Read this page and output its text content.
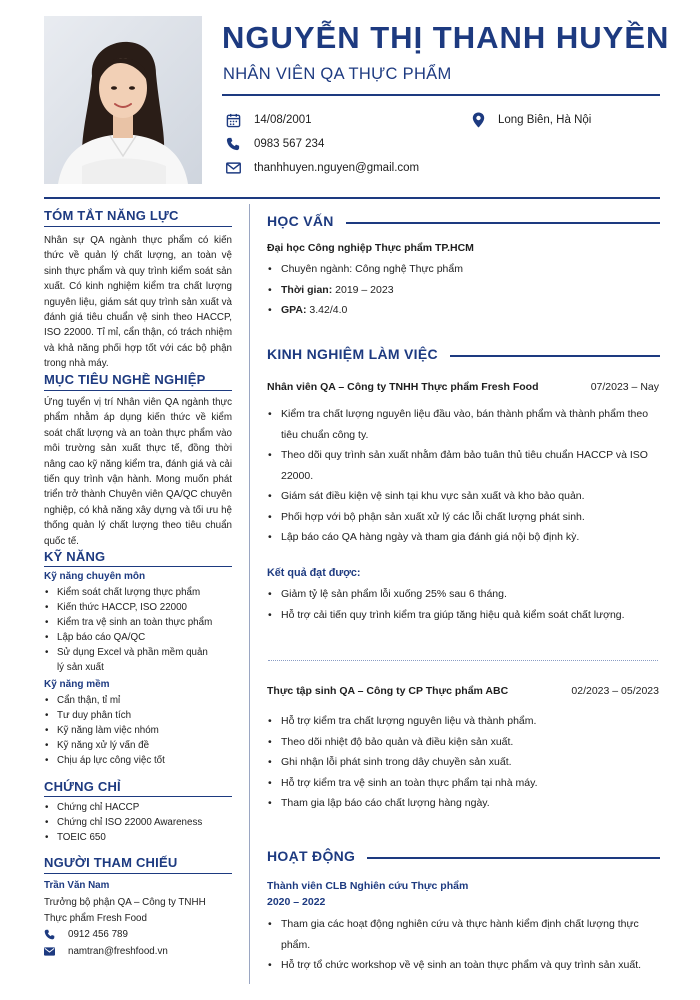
NGUYỄN THỊ THANH HUYỀN
NHÂN VIÊN QA THỰC PHẨM
14/08/2001	Long Biên, Hà Nội
0983 567 234
thanhhuyen.nguyen@gmail.com
TÓM TẮT NĂNG LỰC
Nhân sự QA ngành thực phẩm có kiến thức về quản lý chất lượng, an toàn vệ sinh thực phẩm và quy trình kiểm soát sản xuất. Có kinh nghiệm kiểm tra chất lượng nguyên liệu, giám sát quy trình sản xuất và đánh giá tiêu chuẩn vệ sinh theo HACCP, ISO 22000. Tỉ mỉ, cẩn thận, có trách nhiệm và khả năng phối hợp tốt với các bộ phận trong nhà máy.
MỤC TIÊU NGHỀ NGHIỆP
Ứng tuyển vị trí Nhân viên QA ngành thực phẩm nhằm áp dụng kiến thức về kiểm soát chất lượng và an toàn thực phẩm vào môi trường sản xuất thực tế, đồng thời nâng cao kỹ năng kiểm tra, đánh giá và cải tiến quy trình vận hành. Mong muốn phát triển trở thành Chuyên viên QA/QC chuyên nghiệp, có khả năng xây dựng và tối ưu hệ thống quản lý chất lượng theo tiêu chuẩn quốc tế.
KỸ NĂNG
Kỹ năng chuyên môn
• Kiểm soát chất lượng thực phẩm
• Kiến thức HACCP, ISO 22000
• Kiểm tra vệ sinh an toàn thực phẩm
• Lập báo cáo QA/QC
• Sử dụng Excel và phần mềm quản lý sản xuất
Kỹ năng mềm
• Cẩn thận, tỉ mỉ
• Tư duy phân tích
• Kỹ năng làm việc nhóm
• Kỹ năng xử lý vấn đề
• Chịu áp lực công việc tốt
CHỨNG CHỈ
• Chứng chỉ HACCP
• Chứng chỉ ISO 22000 Awareness
• TOEIC 650
NGƯỜI THAM CHIẾU
Trần Văn Nam
Trưởng bộ phận QA – Công ty TNHH Thực phẩm Fresh Food
0912 456 789
namtran@freshfood.vn
HỌC VẤN
Đại học Công nghiệp Thực phẩm TP.HCM
• Chuyên ngành: Công nghệ Thực phẩm
• Thời gian: 2019 – 2023
• GPA: 3.42/4.0
KINH NGHIỆM LÀM VIỆC
Nhân viên QA – Công ty TNHH Thực phẩm Fresh Food	07/2023 – Nay
• Kiểm tra chất lượng nguyên liệu đầu vào, bán thành phẩm và thành phẩm theo tiêu chuẩn công ty.
• Theo dõi quy trình sản xuất nhằm đảm bảo tuân thủ tiêu chuẩn HACCP và ISO 22000.
• Giám sát điều kiện vệ sinh tại khu vực sản xuất và kho bảo quản.
• Phối hợp với bộ phận sản xuất xử lý các lỗi chất lượng phát sinh.
• Lập báo cáo QA hàng ngày và tham gia đánh giá nội bộ định kỳ.
Kết quả đạt được:
• Giảm tỷ lệ sản phẩm lỗi xuống 25% sau 6 tháng.
• Hỗ trợ cải tiến quy trình kiểm tra giúp tăng hiệu quả kiểm soát chất lượng.
Thực tập sinh QA – Công ty CP Thực phẩm ABC	02/2023 – 05/2023
• Hỗ trợ kiểm tra chất lượng nguyên liệu và thành phẩm.
• Theo dõi nhiệt độ bảo quản và điều kiện sản xuất.
• Ghi nhận lỗi phát sinh trong dây chuyền sản xuất.
• Hỗ trợ kiểm tra vệ sinh an toàn thực phẩm tại nhà máy.
• Tham gia lập báo cáo chất lượng hàng ngày.
HOẠT ĐỘNG
Thành viên CLB Nghiên cứu Thực phẩm
2020 – 2022
• Tham gia các hoạt động nghiên cứu và thực hành kiểm định chất lượng thực phẩm.
• Hỗ trợ tổ chức workshop về vệ sinh an toàn thực phẩm và quy trình sản xuất.
